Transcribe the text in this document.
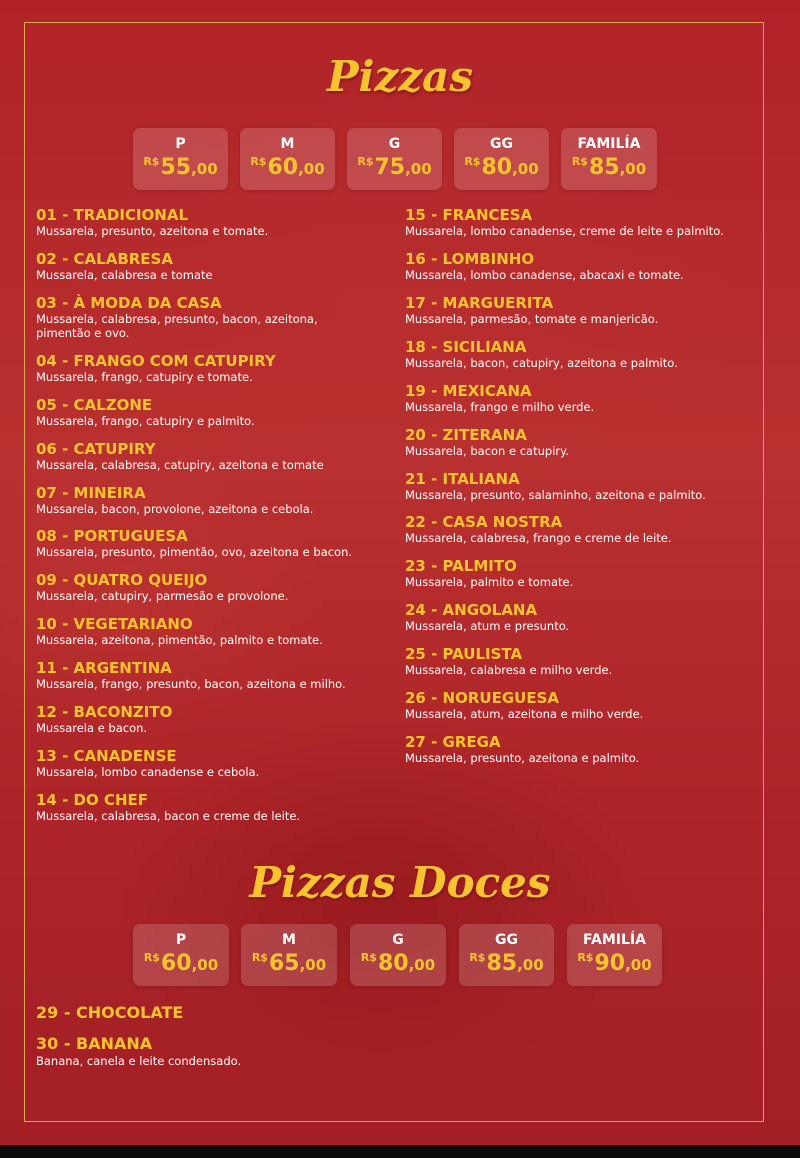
Pizzas
P
$^{R\$}$55,00
M
$^{R\$}$60,00
G
$^{R\$}$75,00
GG
$^{R\$}$80,00
FAMILÍA
$^{R\$}$85,00
01 - TRADICIONAL
Mussarela, presunto, azeitona e tomate.
02 - CALABRESA
Mussarela, calabresa e tomate
03 - À MODA DA CASA
Mussarela, calabresa, presunto, bacon, azeitona, pimentão e ovo.
04 - FRANGO COM CATUPIRY
Mussarela, frango, catupiry e tomate.
05 - CALZONE
Mussarela, frango, catupiry e palmito.
06 - CATUPIRY
Mussarela, calabresa, catupiry, azeitona e tomate
07 - MINEIRA
Mussarela, bacon, provolone, azeitona e cebola.
08 - PORTUGUESA
Mussarela, presunto, pimentão, ovo, azeitona e bacon.
09 - QUATRO QUEIJO
Mussarela, catupiry, parmesão e provolone.
10 - VEGETARIANO
Mussarela, azeitona, pimentão, palmito e tomate.
11 - ARGENTINA
Mussarela, frango, presunto, bacon, azeitona e milho.
12 - BACONZITO
Mussarela e bacon.
13 - CANADENSE
Mussarela, lombo canadense e cebola.
14 - DO CHEF
Mussarela, calabresa, bacon e creme de leite.
15 - FRANCESA
Mussarela, lombo canadense, creme de leite e palmito.
16 - LOMBINHO
Mussarela, lombo canadense, abacaxi e tomate.
17 - MARGUERITA
Mussarela, parmesão, tomate e manjericão.
18 - SICILIANA
Mussarela, bacon, catupiry, azeitona e palmito.
19 - MEXICANA
Mussarela, frango e milho verde.
20 - ZITERANA
Mussarela, bacon e catupiry.
21 - ITALIANA
Mussarela, presunto, salaminho, azeitona e palmito.
22 - CASA NOSTRA
Mussarela, calabresa, frango e creme de leite.
23 - PALMITO
Mussarela, palmito e tomate.
24 - ANGOLANA
Mussarela, atum e presunto.
25 - PAULISTA
Mussarela, calabresa e milho verde.
26 - NORUEGUESA
Mussarela, atum, azeitona e milho verde.
27 - GREGA
Mussarela, presunto, azeitona e palmito.
Pizzas Doces
P
$^{R\$}$60,00
M
$^{R\$}$65,00
G
$^{R\$}$80,00
GG
$^{R\$}$85,00
FAMILÍA
$^{R\$}$90,00
29 - CHOCOLATE
30 - BANANA
Banana, canela e leite condensado.
